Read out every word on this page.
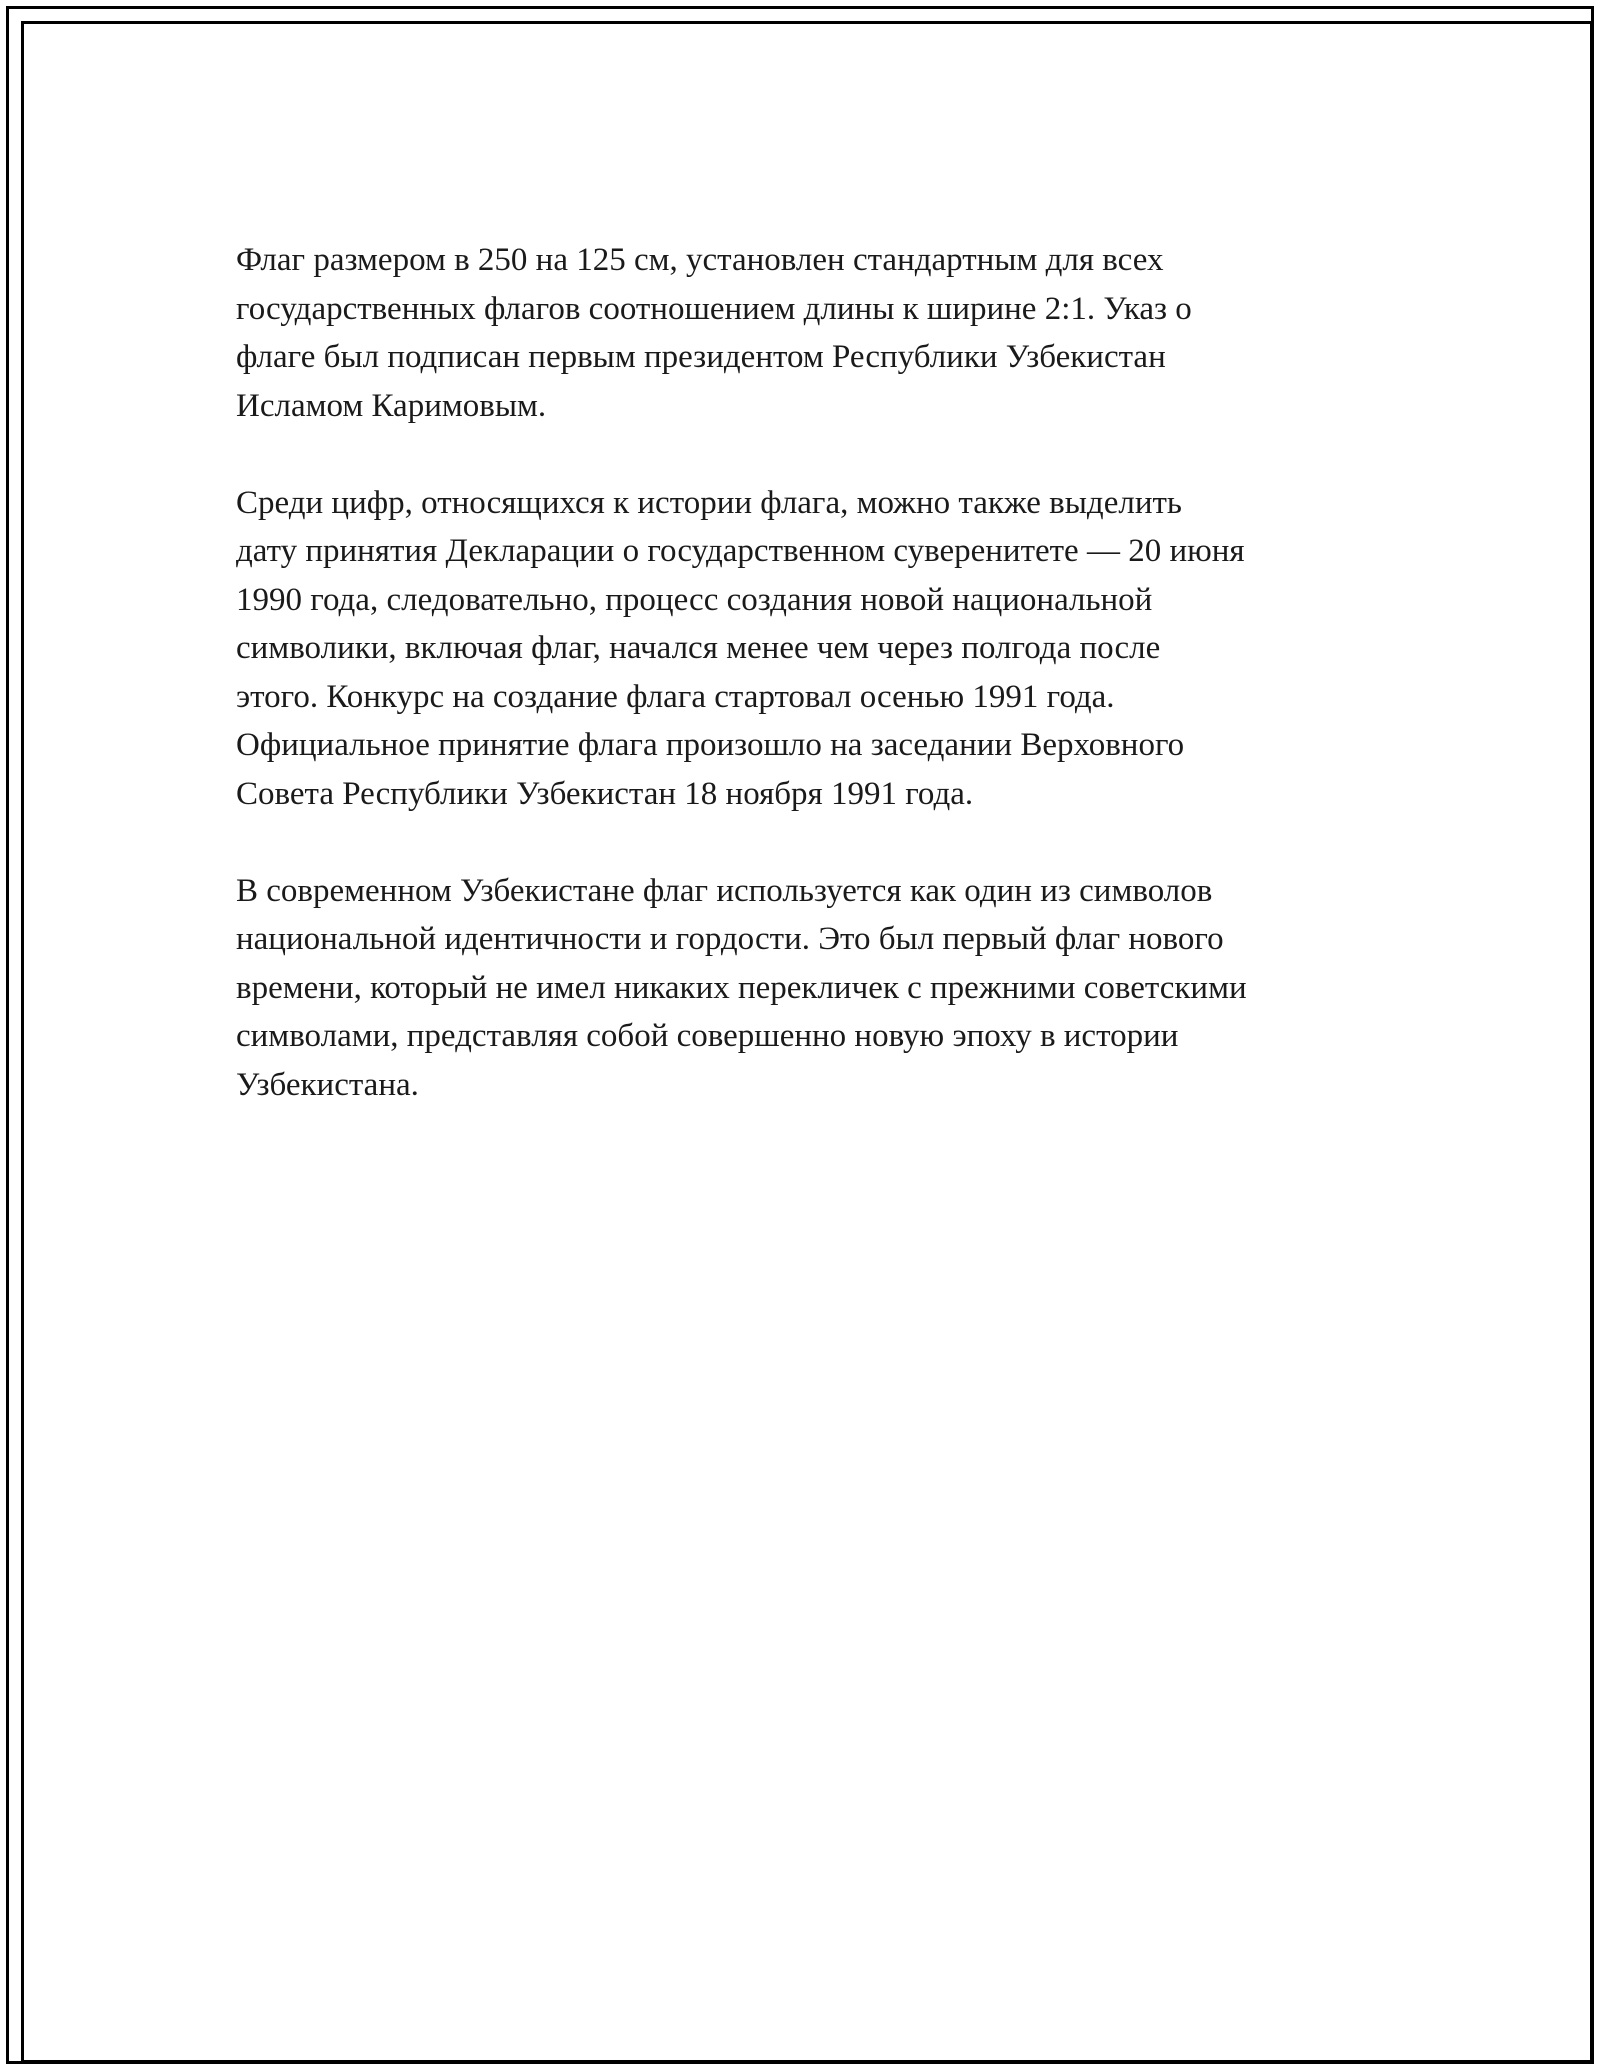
Флаг размером в 250 на 125 см, установлен стандартным для всех
государственных флагов соотношением длины к ширине 2:1. Указ о
флаге был подписан первым президентом Республики Узбекистан
Исламом Каримовым.

Среди цифр, относящихся к истории флага, можно также выделить
дату принятия Декларации о государственном суверенитете — 20 июня
1990 года, следовательно, процесс создания новой национальной
символики, включая флаг, начался менее чем через полгода после
этого. Конкурс на создание флага стартовал осенью 1991 года.
Официальное принятие флага произошло на заседании Верховного
Совета Республики Узбекистан 18 ноября 1991 года.

В современном Узбекистане флаг используется как один из символов
национальной идентичности и гордости. Это был первый флаг нового
времени, который не имел никаких перекличек с прежними советскими
символами, представляя собой совершенно новую эпоху в истории
Узбекистана.
